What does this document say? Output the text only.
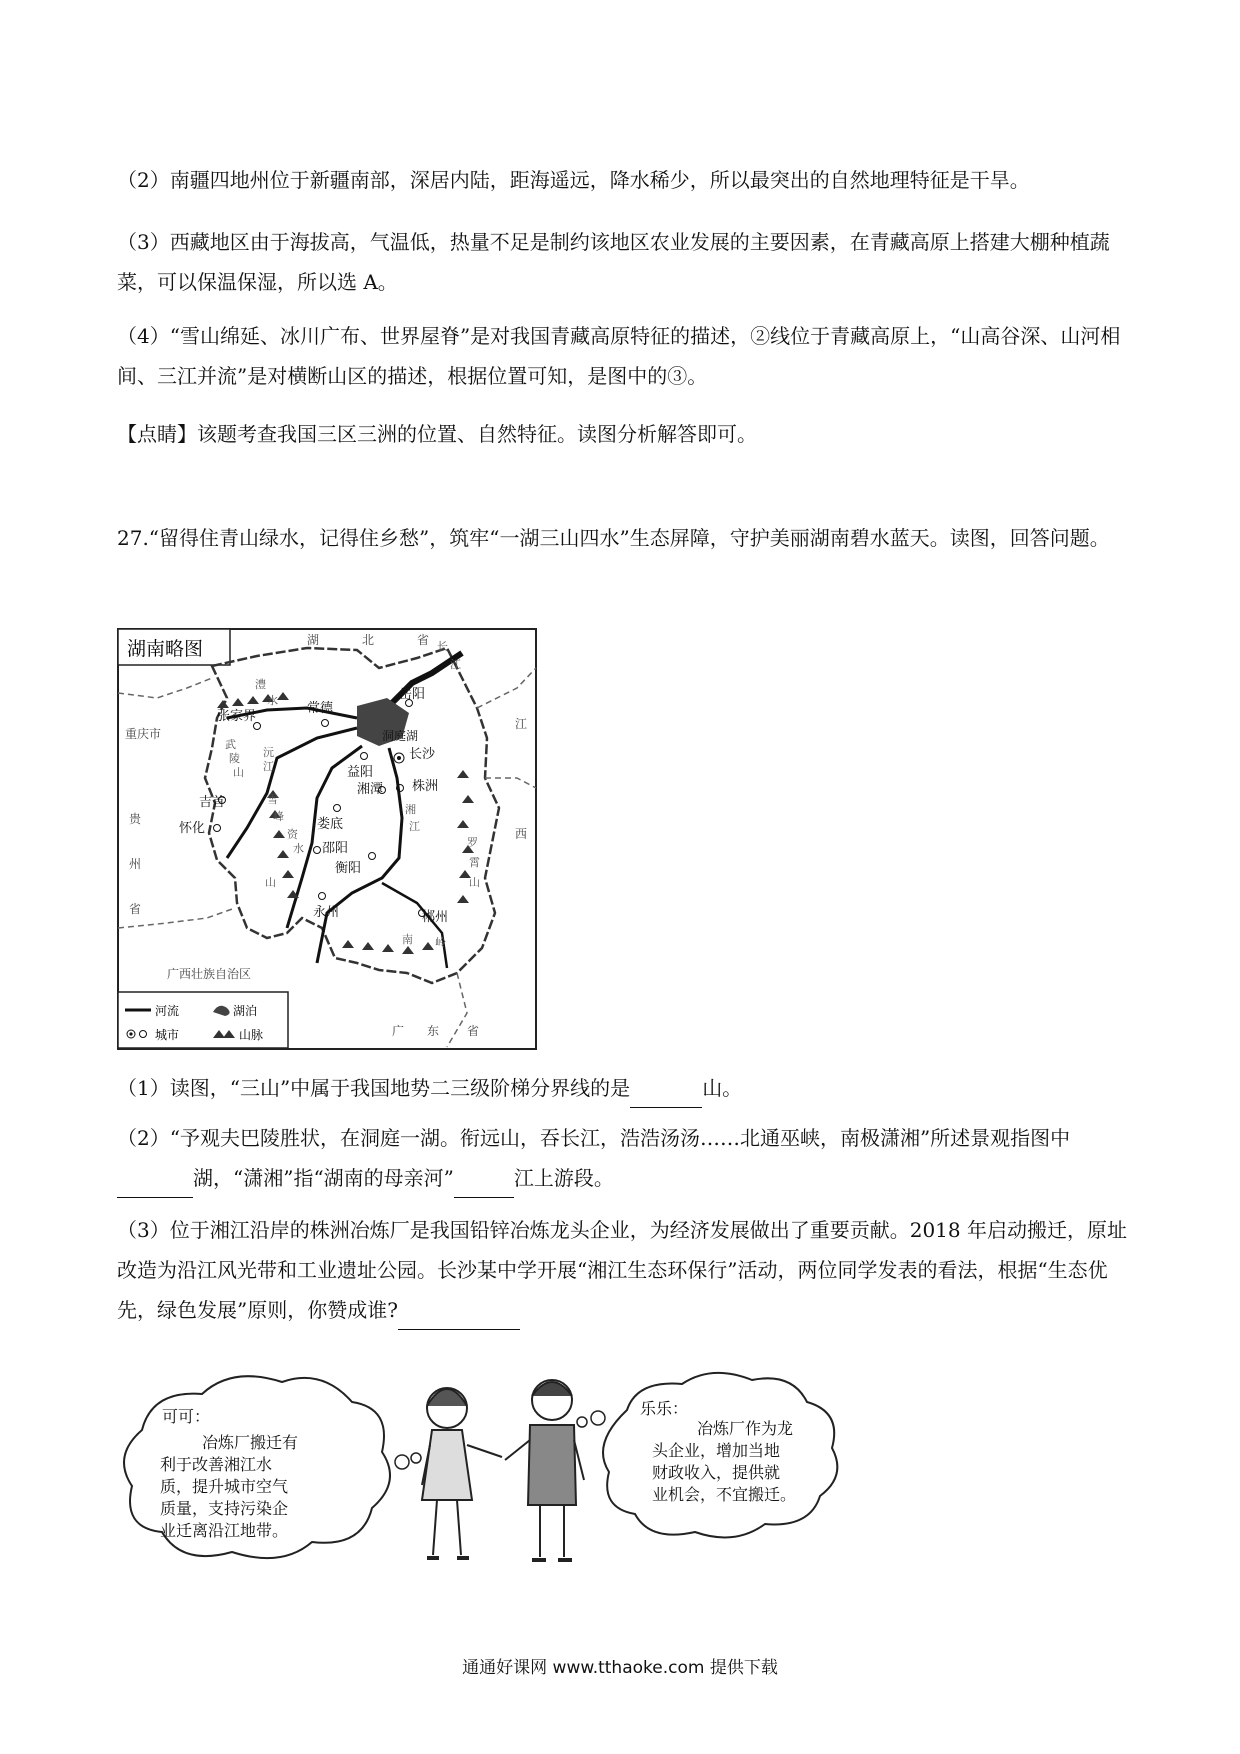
（2）南疆四地州位于新疆南部，深居内陆，距海遥远，降水稀少，所以最突出的自然地理特征是干旱。

（3）西藏地区由于海拔高，气温低，热量不足是制约该地区农业发展的主要因素，在青藏高原上搭建大棚种植蔬菜，可以保温保湿，所以选 A。

（4）“雪山绵延、冰川广布、世界屋脊”是对我国青藏高原特征的描述，②线位于青藏高原上，“山高谷深、山河相间、三江并流”是对横断山区的描述，根据位置可知，是图中的③。

【点睛】该题考查我国三区三洲的位置、自然特征。读图分析解答即可。

27.“留得住青山绿水，记得住乡愁”，筑牢“一湖三山四水”生态屏障，守护美丽湖南碧水蓝天。读图，回答问题。

湖南略图	湖	北	省
重庆市
贵
州
省
广西壮族自治区
广 东 省
江
西
张家界
常德
岳阳
益阳
长沙
株洲
湘潭
吉首
怀化	娄底
邵阳
衡阳
永州	郴州
洞庭湖
澧
水
沅
江
资
水
湘
江
长
江
武
陵
山
雪
峰
山
罗
霄
山
南 岭
河流	湖泊
城市	山脉

（1）读图，“三山”中属于我国地势二三级阶梯分界线的是	山。

（2）“予观夫巴陵胜状，在洞庭一湖。衔远山，吞长江，浩浩汤汤……北通巫峡，南极潇湘”所述景观指图中湖，“潇湘”指“湖南的母亲河”	江上游段。

（3）位于湘江沿岸的株洲冶炼厂是我国铅锌冶炼龙头企业，为经济发展做出了重要贡献。2018 年启动搬迁，原址改造为沿江风光带和工业遗址公园。长沙某中学开展“湘江生态环保行”活动，两位同学发表的看法，根据“生态优先，绿色发展”原则，你赞成谁?

可可：
冶炼厂搬迁有
利于改善湘江水
质，提升城市空气
质量，支持污染企
业迁离沿江地带。
乐乐：
冶炼厂作为龙
头企业，增加当地
财政收入，提供就
业机会，不宜搬迁。
通通好课网 www.tthaoke.com 提供下载
